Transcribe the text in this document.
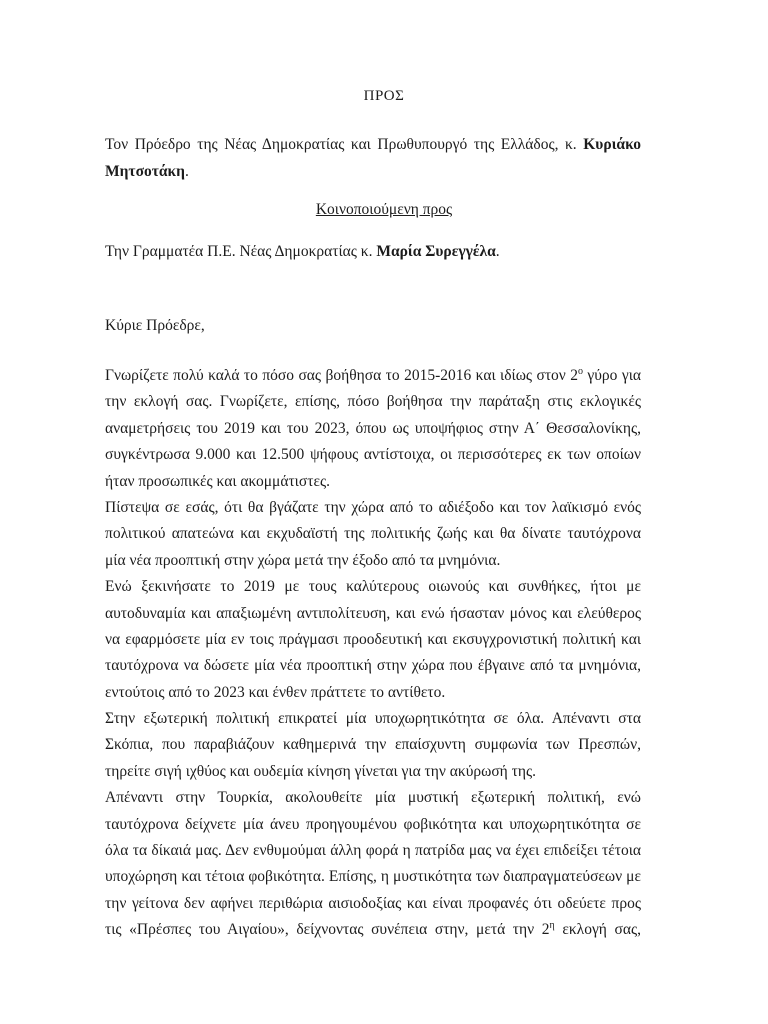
ΠΡΟΣ
Τον Πρόεδρο της Νέας Δημοκρατίας και Πρωθυπουργό της Ελλάδος, κ. Κυριάκο Μητσοτάκη.
Κοινοποιούμενη προς
Την Γραμματέα Π.Ε. Νέας Δημοκρατίας κ. Μαρία Συρεγγέλα.
Κύριε Πρόεδρε,
Γνωρίζετε πολύ καλά το πόσο σας βοήθησα το 2015-2016 και ιδίως στον $2^o$ γύρο για
την εκλογή σας. Γνωρίζετε, επίσης, πόσο βοήθησα την παράταξη στις εκλογικές
αναμετρήσεις του 2019 και του 2023, όπου ως υποψήφιος στην Α΄ Θεσσαλονίκης,
συγκέντρωσα 9.000 και 12.500 ψήφους αντίστοιχα, οι περισσότερες εκ των οποίων
ήταν προσωπικές και ακομμάτιστες.
Πίστεψα σε εσάς, ότι θα βγάζατε την χώρα από το αδιέξοδο και τον λαϊκισμό ενός
πολιτικού απατεώνα και εκχυδαϊστή της πολιτικής ζωής και θα δίνατε ταυτόχρονα
μία νέα προοπτική στην χώρα μετά την έξοδο από τα μνημόνια.
Ενώ ξεκινήσατε το 2019 με τους καλύτερους οιωνούς και συνθήκες, ήτοι με
αυτοδυναμία και απαξιωμένη αντιπολίτευση, και ενώ ήσασταν μόνος και ελεύθερος
να εφαρμόσετε μία εν τοις πράγμασι προοδευτική και εκσυγχρονιστική πολιτική και
ταυτόχρονα να δώσετε μία νέα προοπτική στην χώρα που έβγαινε από τα μνημόνια,
εντούτοις από το 2023 και ένθεν πράττετε το αντίθετο.
Στην εξωτερική πολιτική επικρατεί μία υποχωρητικότητα σε όλα. Απέναντι στα
Σκόπια, που παραβιάζουν καθημερινά την επαίσχυντη συμφωνία των Πρεσπών,
τηρείτε σιγή ιχθύος και ουδεμία κίνηση γίνεται για την ακύρωσή της.
Απέναντι στην Τουρκία, ακολουθείτε μία μυστική εξωτερική πολιτική, ενώ
ταυτόχρονα δείχνετε μία άνευ προηγουμένου φοβικότητα και υποχωρητικότητα σε
όλα τα δίκαιά μας. Δεν ενθυμούμαι άλλη φορά η πατρίδα μας να έχει επιδείξει τέτοια
υποχώρηση και τέτοια φοβικότητα. Επίσης, η μυστικότητα των διαπραγματεύσεων με
την γείτονα δεν αφήνει περιθώρια αισιοδοξίας και είναι προφανές ότι οδεύετε προς
τις «Πρέσπες του Αιγαίου», δείχνοντας συνέπεια στην, μετά την $2^\eta$ εκλογή σας,
